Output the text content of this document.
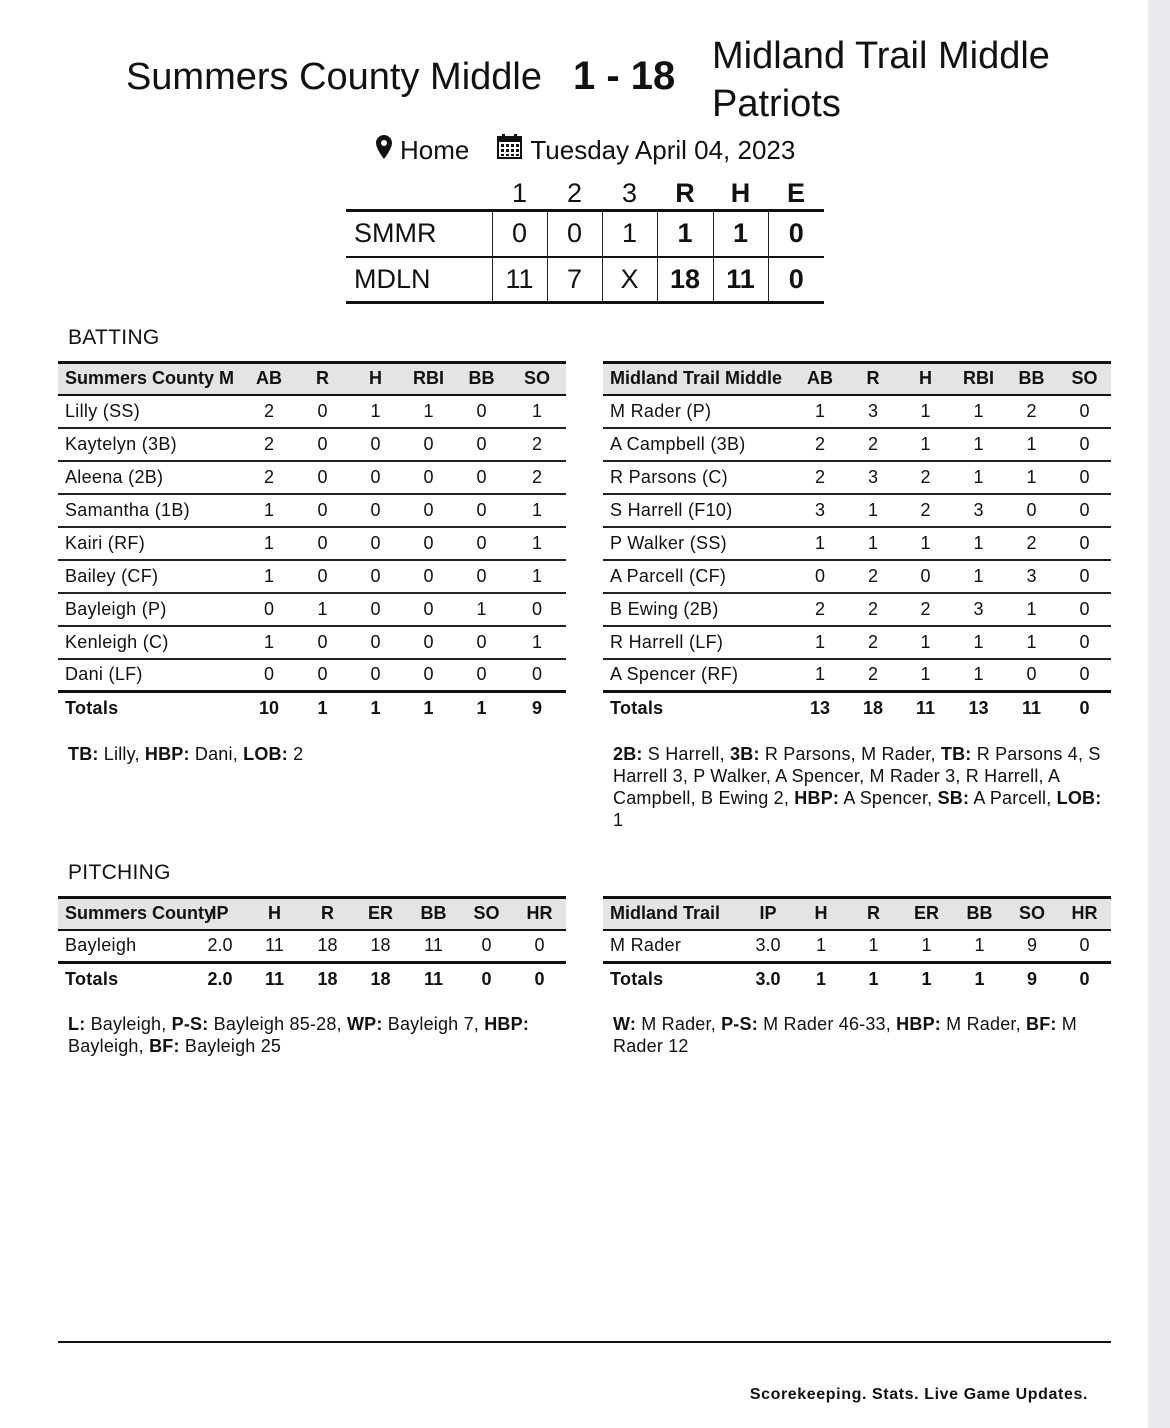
Summers County Middle 1 - 18 Midland Trail Middle Patriots
Home Tuesday April 04, 2023
	1	2	3	R	H	E
SMMR	0	0	1	1	1	0
MDLN	11	7	X	18	11	0
BATTING
Summers County M	AB	R	H	RBI	BB	SO
Lilly (SS)	2	0	1	1	0	1
Kaytelyn (3B)	2	0	0	0	0	2
Aleena (2B)	2	0	0	0	0	2
Samantha (1B)	1	0	0	0	0	1
Kairi (RF)	1	0	0	0	0	1
Bailey (CF)	1	0	0	0	0	1
Bayleigh (P)	0	1	0	0	1	0
Kenleigh (C)	1	0	0	0	0	1
Dani (LF)	0	0	0	0	0	0
Totals	10	1	1	1	1	9
Midland Trail Middle	AB	R	H	RBI	BB	SO
M Rader (P)	1	3	1	1	2	0
A Campbell (3B)	2	2	1	1	1	0
R Parsons (C)	2	3	2	1	1	0
S Harrell (F10)	3	1	2	3	0	0
P Walker (SS)	1	1	1	1	2	0
A Parcell (CF)	0	2	0	1	3	0
B Ewing (2B)	2	2	2	3	1	0
R Harrell (LF)	1	2	1	1	1	0
A Spencer (RF)	1	2	1	1	0	0
Totals	13	18	11	13	11	0
TB: Lilly, HBP: Dani, LOB: 2	2B: S Harrell, 3B: R Parsons, M Rader, TB: R Parsons 4, S Harrell 3, P Walker, A Spencer, M Rader 3, R Harrell, A Campbell, B Ewing 2, HBP: A Spencer, SB: A Parcell, LOB: 1
PITCHING
Summers County	IP	H	R	ER	BB	SO	HR
Bayleigh	2.0	11	18	18	11	0	0
Totals	2.0	11	18	18	11	0	0
Midland Trail	IP	H	R	ER	BB	SO	HR
M Rader	3.0	1	1	1	1	9	0
Totals	3.0	1	1	1	1	9	0
L: Bayleigh, P-S: Bayleigh 85-28, WP: Bayleigh 7, HBP: Bayleigh, BF: Bayleigh 25
W: M Rader, P-S: M Rader 46-33, HBP: M Rader, BF: M Rader 12
Scorekeeping. Stats. Live Game Updates.
